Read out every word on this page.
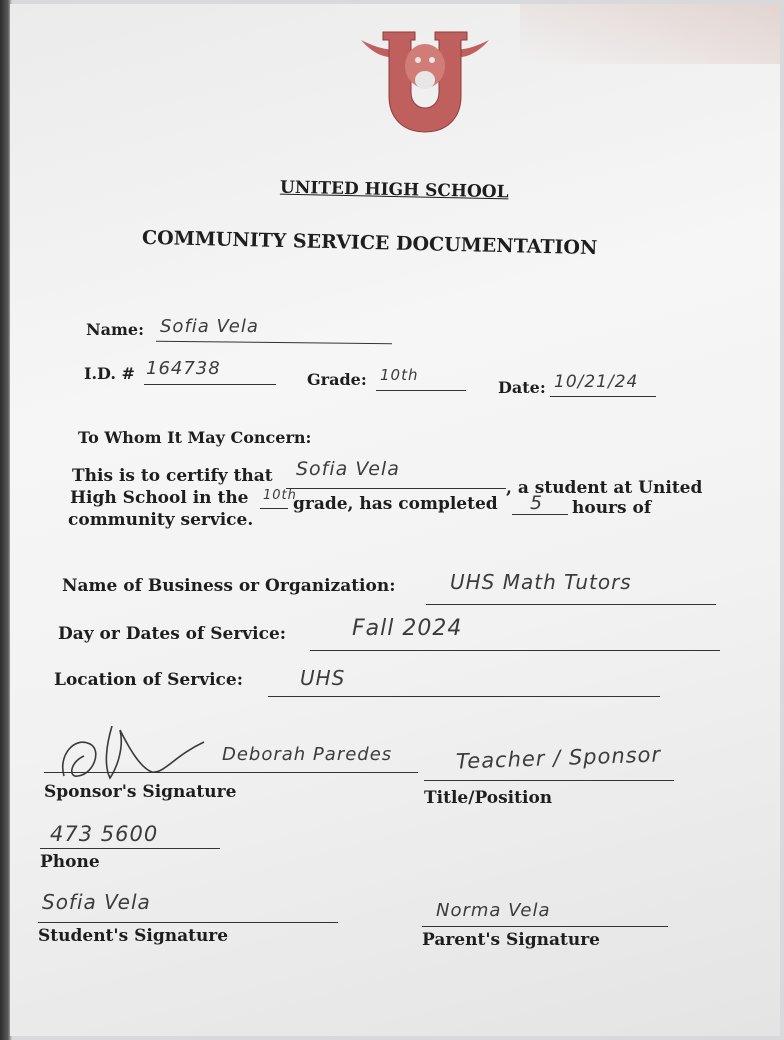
UNITED HIGH SCHOOL
COMMUNITY SERVICE DOCUMENTATION
Name: Sofia Vela
I.D. # 164738
Grade: 10th
Date: 10/21/24
To Whom It May Concern:
This is to certify that Sofia Vela
, a student at United
High School in the 10th
grade, has completed 5 hours of
community service.
Name of Business or Organization:	UHS Math Tutors
Day or Dates of Service:	Fall 2024
Location of Service:	UHS
Deborah Paredes
Sponsor's Signature
Teacher / Sponsor
Title/Position
473 5600
Phone
Sofia Vela
Student's Signature
Norma Vela
Parent's Signature
